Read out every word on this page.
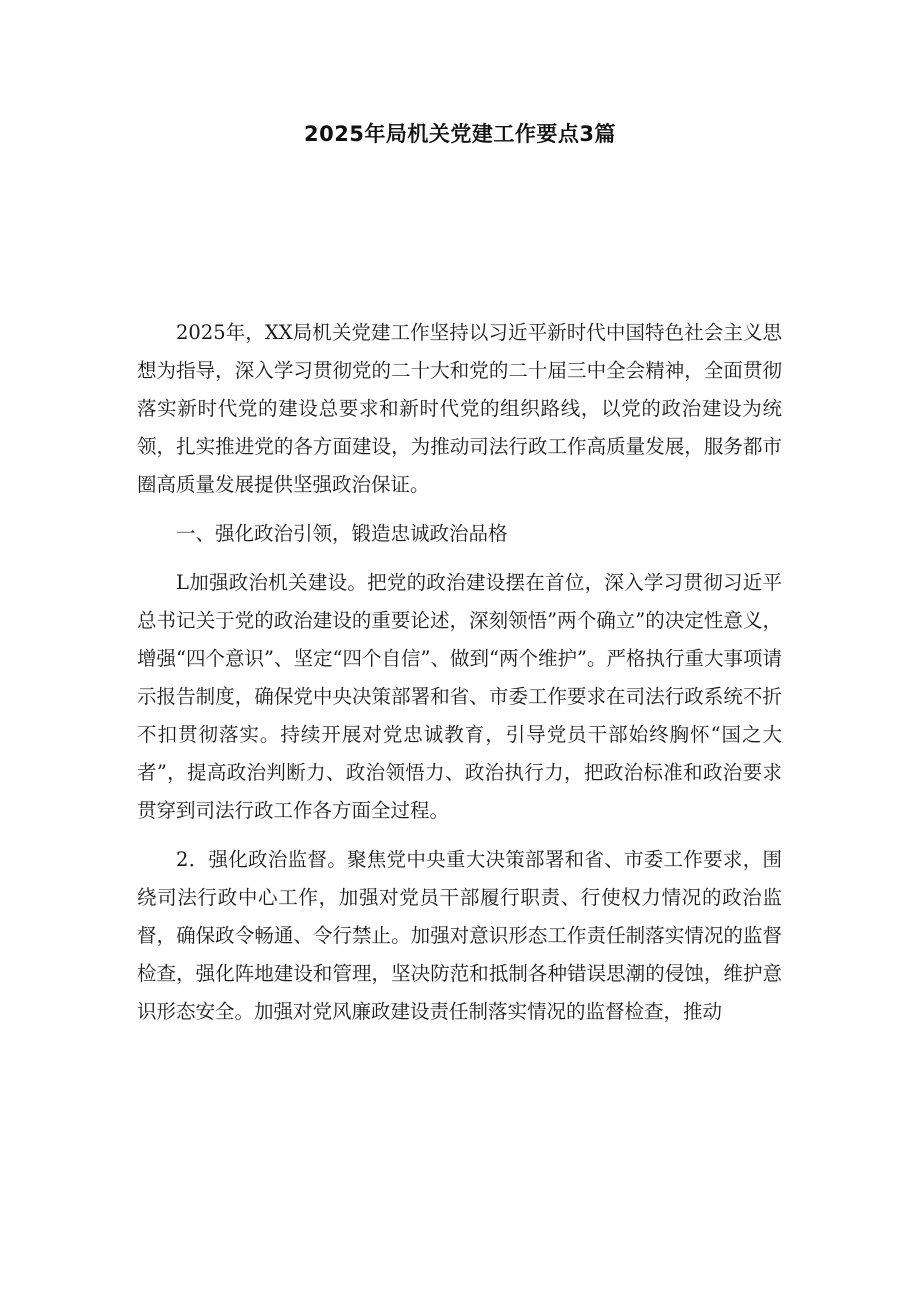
2025年局机关党建工作要点3篇

2025年，XX局机关党建工作坚持以习近平新时代中国特色社会主义思想为指导，深入学习贯彻党的二十大和党的二十届三中全会精神，全面贯彻落实新时代党的建设总要求和新时代党的组织路线，以党的政治建设为统领，扎实推进党的各方面建设，为推动司法行政工作高质量发展，服务都市圈高质量发展提供坚强政治保证。

一、强化政治引领，锻造忠诚政治品格

L加强政治机关建设。把党的政治建设摆在首位，深入学习贯彻习近平总书记关于党的政治建设的重要论述，深刻领悟”两个确立”的决定性意义，增强“四个意识”、坚定“四个自信”、做到“两个维护”。严格执行重大事项请示报告制度，确保党中央决策部署和省、市委工作要求在司法行政系统不折不扣贯彻落实。持续开展对党忠诚教育，引导党员干部始终胸怀“国之大者”，提高政治判断力、政治领悟力、政治执行力，把政治标准和政治要求贯穿到司法行政工作各方面全过程。

2．强化政治监督。聚焦党中央重大决策部署和省、市委工作要求，围绕司法行政中心工作，加强对党员干部履行职责、行使权力情况的政治监督，确保政令畅通、令行禁止。加强对意识形态工作责任制落实情况的监督检查，强化阵地建设和管理，坚决防范和抵制各种错误思潮的侵蚀，维护意识形态安全。加强对党风廉政建设责任制落实情况的监督检查，推动
